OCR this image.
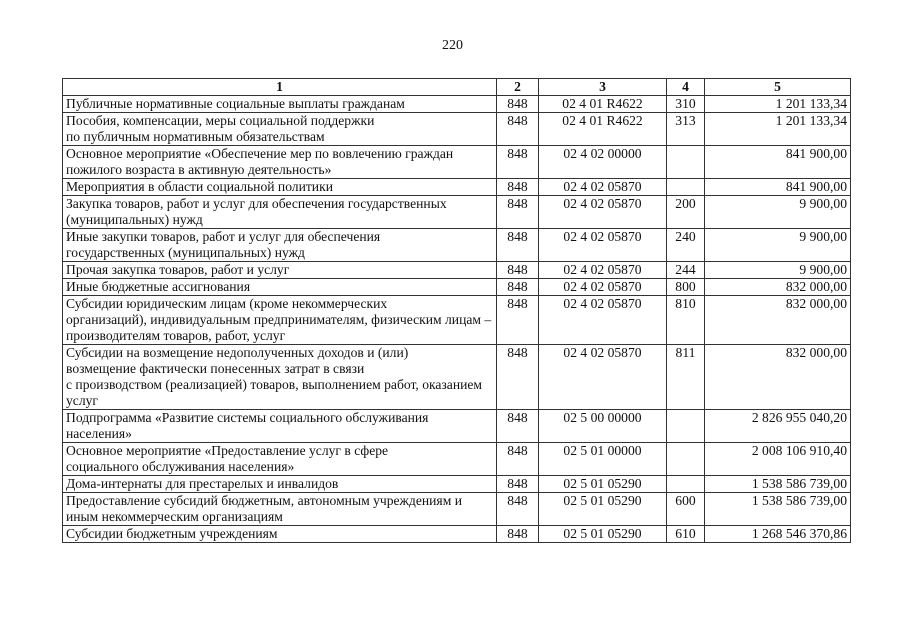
220
1	2	3	4	5
Публичные нормативные социальные выплаты гражданам	848	02 4 01 R4622	310	1 201 133,34
Пособия, компенсации, меры социальной поддержки
по публичным нормативным обязательствам	848	02 4 01 R4622	313	1 201 133,34
Основное мероприятие «Обеспечение мер по вовлечению граждан пожилого возраста в активную деятельность»	848	02 4 02 00000		841 900,00
Мероприятия в области социальной политики	848	02 4 02 05870		841 900,00
Закупка товаров, работ и услуг для обеспечения государственных (муниципальных) нужд	848	02 4 02 05870	200	9 900,00
Иные закупки товаров, работ и услуг для обеспечения
государственных (муниципальных) нужд	848	02 4 02 05870	240	9 900,00
Прочая закупка товаров, работ и услуг	848	02 4 02 05870	244	9 900,00
Иные бюджетные ассигнования	848	02 4 02 05870	800	832 000,00
Субсидии юридическим лицам (кроме некоммерческих
организаций), индивидуальным предпринимателям, физическим лицам – производителям товаров, работ, услуг	848	02 4 02 05870	810	832 000,00
Субсидии на возмещение недополученных доходов и (или)
возмещение фактически понесенных затрат в связи
с производством (реализацией) товаров, выполнением работ, оказанием услуг	848	02 4 02 05870	811	832 000,00
Подпрограмма «Развитие системы социального обслуживания населения»	848	02 5 00 00000		2 826 955 040,20
Основное мероприятие «Предоставление услуг в сфере
социального обслуживания населения»	848	02 5 01 00000		2 008 106 910,40
Дома-интернаты для престарелых и инвалидов	848	02 5 01 05290		1 538 586 739,00
Предоставление субсидий бюджетным, автономным учреждениям и иным некоммерческим организациям	848	02 5 01 05290	600	1 538 586 739,00
Субсидии бюджетным учреждениям	848	02 5 01 05290	610	1 268 546 370,86
